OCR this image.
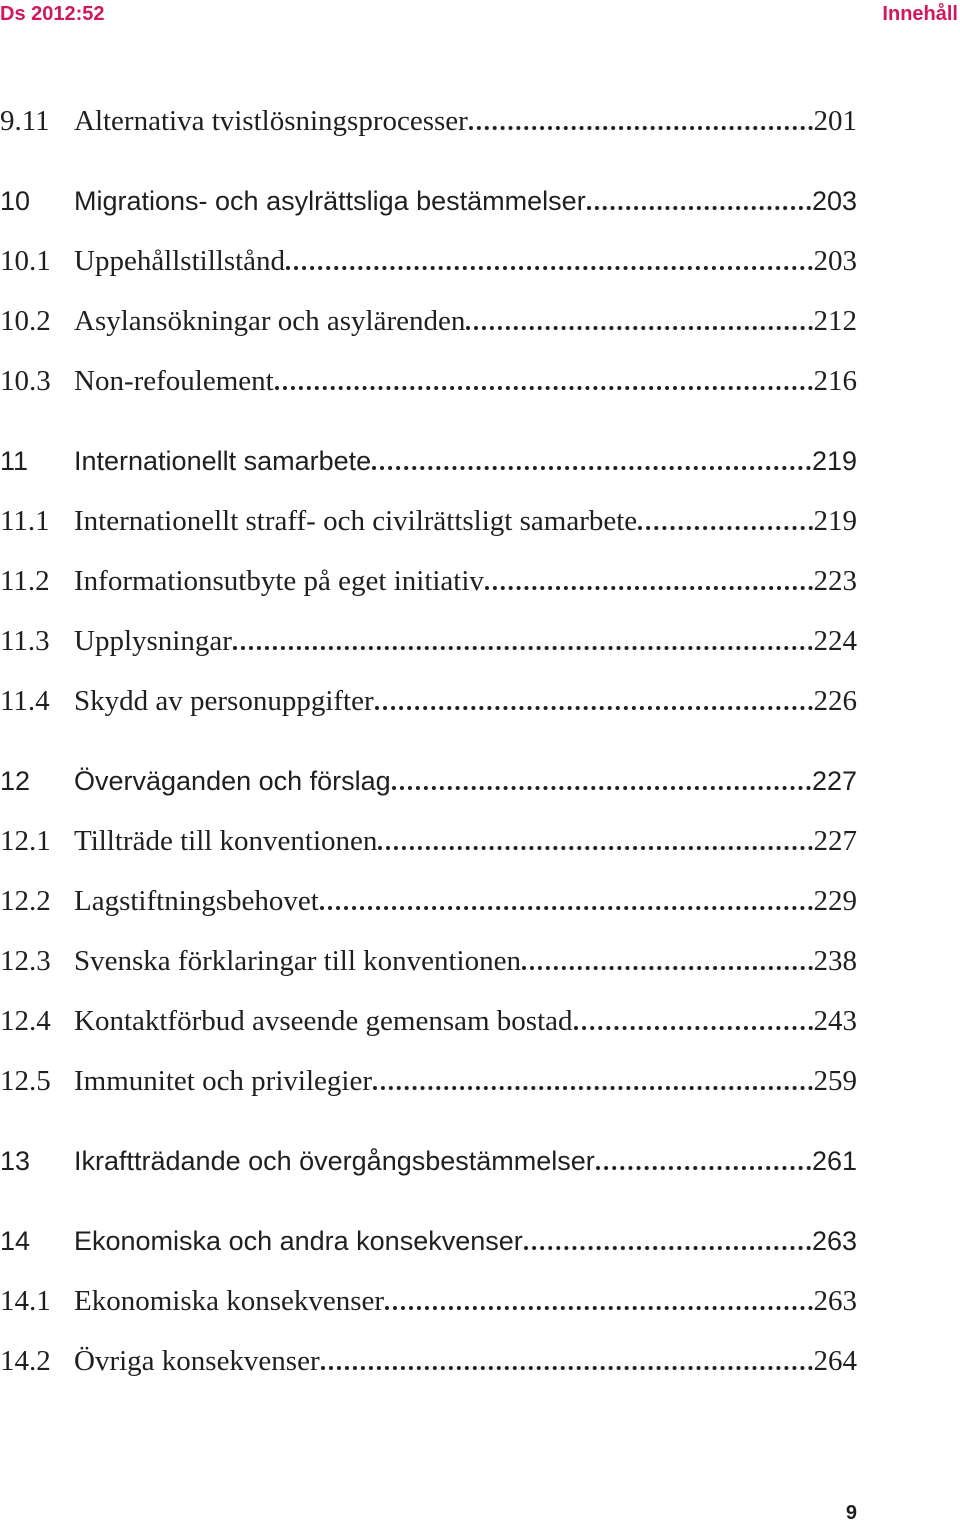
Ds 2012:52	Innehåll
9.11 Alternativa tvistlösningsprocesser	201
10	Migrations- och asylrättsliga bestämmelser	203
10.1 Uppehållstillstånd	203
10.2 Asylansökningar och asylärenden	212
10.3 Non-refoulement	216
11	Internationellt samarbete	219
11.1 Internationellt straff- och civilrättsligt samarbete	219
11.2 Informationsutbyte på eget initiativ	223
11.3 Upplysningar	224
11.4 Skydd av personuppgifter	226
12	Överväganden och förslag	227
12.1 Tillträde till konventionen	227
12.2 Lagstiftningsbehovet	229
12.3 Svenska förklaringar till konventionen	238
12.4 Kontaktförbud avseende gemensam bostad	243
12.5 Immunitet och privilegier	259
13	Ikraftträdande och övergångsbestämmelser	261
14	Ekonomiska och andra konsekvenser	263
14.1 Ekonomiska konsekvenser	263
14.2 Övriga konsekvenser	264
9
